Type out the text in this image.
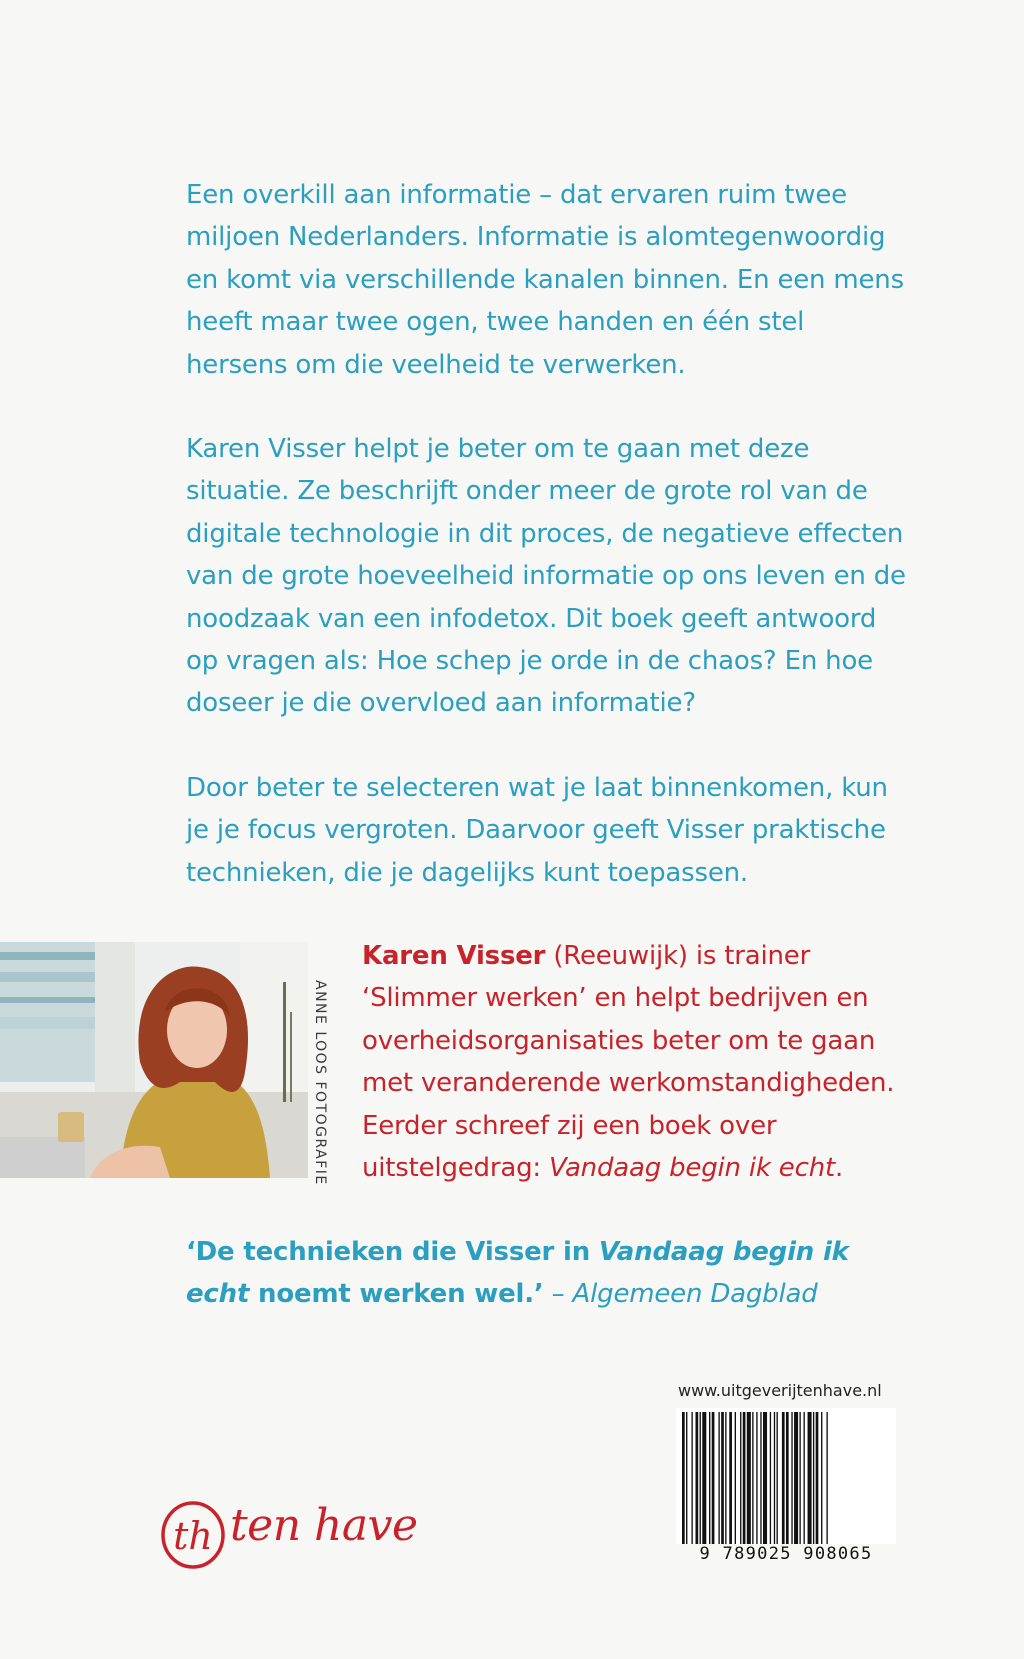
Een overkill aan informatie – dat ervaren ruim twee miljoen Nederlanders. Informatie is alomtegenwoordig en komt via verschillende kanalen binnen. En een mens heeft maar twee ogen, twee handen en één stel hersens om die veelheid te verwerken.

Karen Visser helpt je beter om te gaan met deze situatie. Ze beschrijft onder meer de grote rol van de digitale technologie in dit proces, de negatieve effecten van de grote hoeveelheid informatie op ons leven en de noodzaak van een infodetox. Dit boek geeft antwoord op vragen als: Hoe schep je orde in de chaos? En hoe doseer je die overvloed aan informatie?

Door beter te selecteren wat je laat binnenkomen, kun je je focus vergroten. Daarvoor geeft Visser praktische technieken, die je dagelijks kunt toepassen.

ANNE LOOS FOTOGRAFIE

Karen Visser (Reeuwijk) is trainer ‘Slimmer werken’ en helpt bedrijven en overheidsorganisaties beter om te gaan met veranderende werkomstandigheden. Eerder schreef zij een boek over uitstelgedrag: Vandaag begin ik echt.

‘De technieken die Visser in Vandaag begin ik echt noemt werken wel.’ – Algemeen Dagblad

www.uitgeverijtenhave.nl
9 789025 908065
th ten have
